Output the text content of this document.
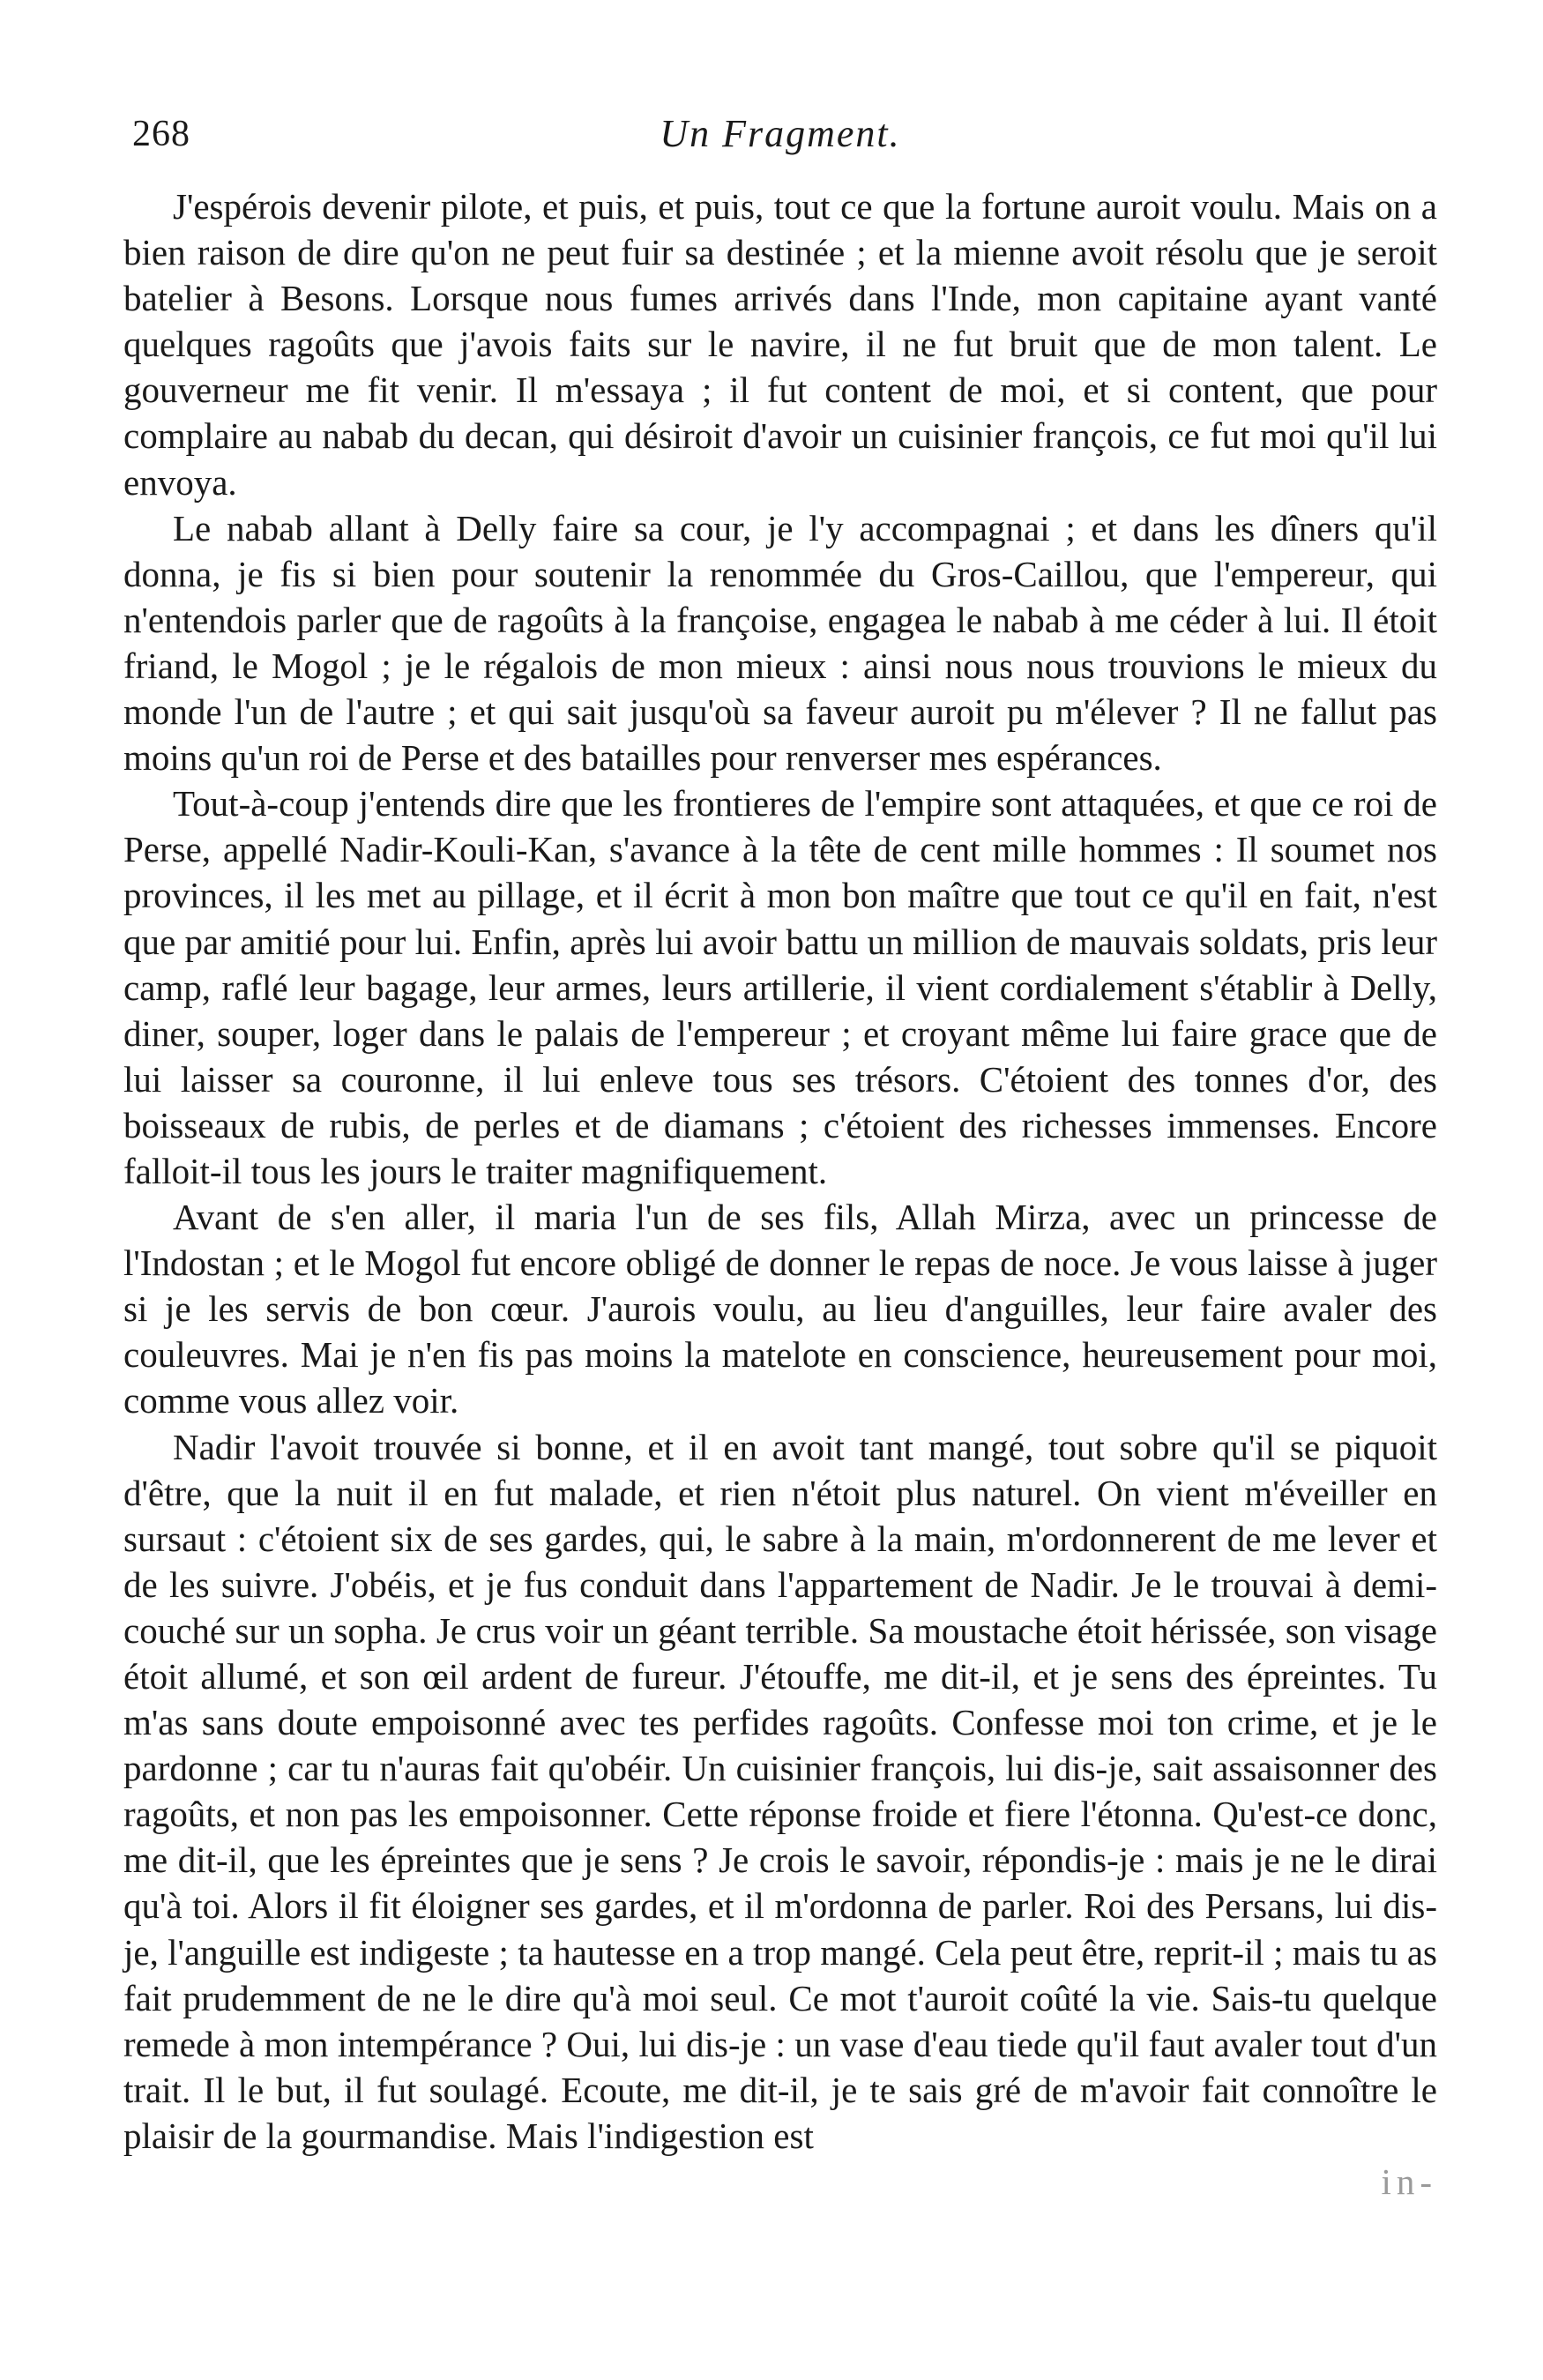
268	Un Fragment.

J'espérois devenir pilote, et puis, et puis, tout ce que la fortune auroit voulu. Mais on a bien raison de dire qu'on ne peut fuir sa destinée ; et la mienne avoit résolu que je seroit batelier à Besons. Lorsque nous fumes arrivés dans l'Inde, mon capitaine ayant vanté quelques ragoûts que j'avois faits sur le navire, il ne fut bruit que de mon talent. Le gouverneur me fit venir. Il m'essaya ; il fut content de moi, et si content, que pour complaire au nabab du decan, qui désiroit d'avoir un cuisinier françois, ce fut moi qu'il lui envoya.

Le nabab allant à Delly faire sa cour, je l'y accompagnai ; et dans les dîners qu'il donna, je fis si bien pour soutenir la renommée du Gros-Caillou, que l'empereur, qui n'entendois parler que de ragoûts à la françoise, engagea le nabab à me céder à lui. Il étoit friand, le Mogol ; je le régalois de mon mieux : ainsi nous nous trouvions le mieux du monde l'un de l'autre ; et qui sait jusqu'où sa faveur auroit pu m'élever ? Il ne fallut pas moins qu'un roi de Perse et des batailles pour renverser mes espérances.

Tout-à-coup j'entends dire que les frontieres de l'empire sont attaquées, et que ce roi de Perse, appellé Nadir-Kouli-Kan, s'avance à la tête de cent mille hommes : Il soumet nos provinces, il les met au pillage, et il écrit à mon bon maître que tout ce qu'il en fait, n'est que par amitié pour lui. Enfin, après lui avoir battu un million de mauvais soldats, pris leur camp, raflé leur bagage, leur armes, leurs artillerie, il vient cordialement s'établir à Delly, diner, souper, loger dans le palais de l'empereur ; et croyant même lui faire grace que de lui laisser sa couronne, il lui enleve tous ses trésors. C'étoient des tonnes d'or, des boisseaux de rubis, de perles et de diamans ; c'étoient des richesses immenses. Encore falloit-il tous les jours le traiter magnifiquement.

Avant de s'en aller, il maria l'un de ses fils, Allah Mirza, avec un princesse de l'Indostan ; et le Mogol fut encore obligé de donner le repas de noce. Je vous laisse à juger si je les servis de bon cœur. J'aurois voulu, au lieu d'anguilles, leur faire avaler des couleuvres. Mai je n'en fis pas moins la matelote en conscience, heureusement pour moi, comme vous allez voir.

Nadir l'avoit trouvée si bonne, et il en avoit tant mangé, tout sobre qu'il se piquoit d'être, que la nuit il en fut malade, et rien n'étoit plus naturel. On vient m'éveiller en sursaut : c'étoient six de ses gardes, qui, le sabre à la main, m'ordonnerent de me lever et de les suivre. J'obéis, et je fus conduit dans l'appartement de Nadir. Je le trouvai à demi-couché sur un sopha. Je crus voir un géant terrible. Sa moustache étoit hérissée, son visage étoit allumé, et son œil ardent de fureur. J'étouffe, me dit-il, et je sens des épreintes. Tu m'as sans doute empoisonné avec tes perfides ragoûts. Confesse moi ton crime, et je le pardonne ; car tu n'auras fait qu'obéir. Un cuisinier françois, lui dis-je, sait assaisonner des ragoûts, et non pas les empoisonner. Cette réponse froide et fiere l'étonna. Qu'est-ce donc, me dit-il, que les épreintes que je sens ? Je crois le savoir, répondis-je : mais je ne le dirai qu'à toi. Alors il fit éloigner ses gardes, et il m'ordonna de parler. Roi des Persans, lui dis-je, l'anguille est indigeste ; ta hautesse en a trop mangé. Cela peut être, reprit-il ; mais tu as fait prudemment de ne le dire qu'à moi seul. Ce mot t'auroit coûté la vie. Sais-tu quelque remede à mon intempérance ? Oui, lui dis-je : un vase d'eau tiede qu'il faut avaler tout d'un trait. Il le but, il fut soulagé. Ecoute, me dit-il, je te sais gré de m'avoir fait connoître le plaisir de la gourmandise. Mais l'indigestion est

in-
